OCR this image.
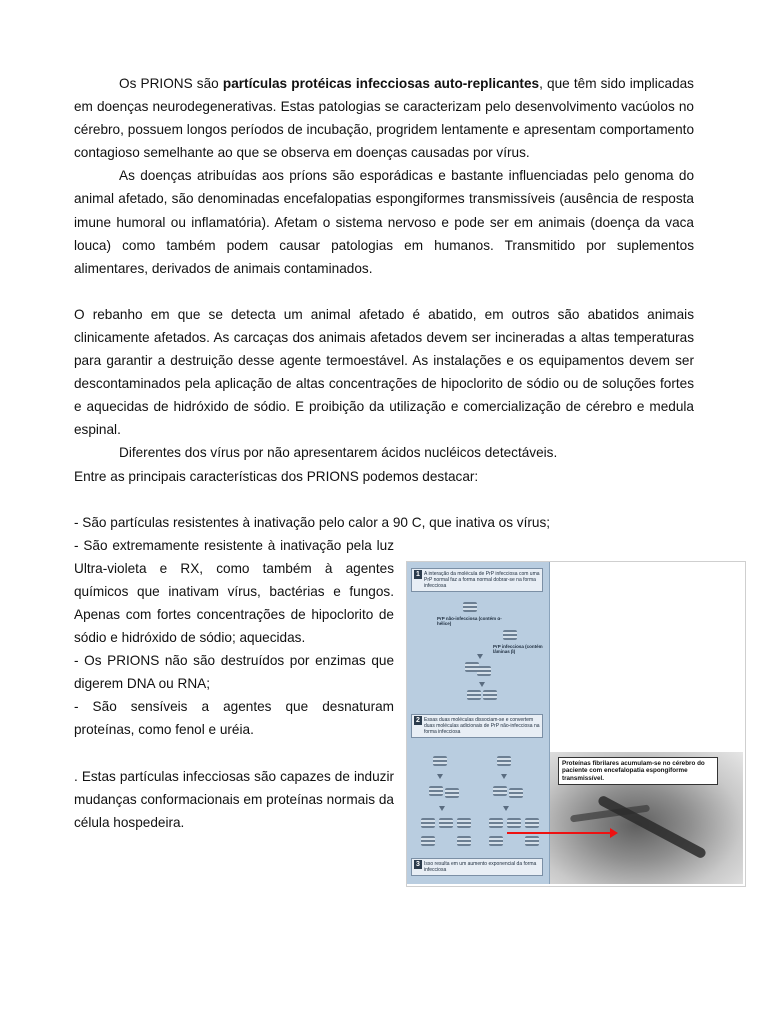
Os PRIONS são partículas protéicas infecciosas auto-replicantes, que têm sido implicadas em doenças neurodegenerativas. Estas patologias se caracterizam pelo desenvolvimento vacúolos no cérebro, possuem longos períodos de incubação, progridem lentamente e apresentam comportamento contagioso semelhante ao que se observa em doenças causadas por vírus.

As doenças atribuídas aos príons são esporádicas e bastante influenciadas pelo genoma do animal afetado, são denominadas encefalopatias espongiformes transmissíveis (ausência de resposta imune humoral ou inflamatória). Afetam o sistema nervoso e pode ser em animais (doença da vaca louca) como também podem causar patologias em humanos. Transmitido por suplementos alimentares, derivados de animais contaminados.

O rebanho em que se detecta um animal afetado é abatido, em outros são abatidos animais clinicamente afetados. As carcaças dos animais afetados devem ser incineradas a altas temperaturas para garantir a destruição desse agente termoestável. As instalações e os equipamentos devem ser descontaminados pela aplicação de altas concentrações de hipoclorito de sódio ou de soluções fortes e aquecidas de hidróxido de sódio. E proibição da utilização e comercialização de cérebro e medula espinal.

Diferentes dos vírus por não apresentarem ácidos nucléicos detectáveis.

Entre as principais características dos PRIONS podemos destacar:

- São partículas resistentes à inativação pelo calor a 90 C, que inativa os vírus;

- São extremamente resistente à inativação pela luz Ultra-violeta e RX, como também à agentes químicos que inativam vírus, bactérias e fungos. Apenas com fortes concentrações de hipoclorito de sódio e hidróxido de sódio; aquecidas.

- Os PRIONS não são destruídos por enzimas que digerem DNA ou RNA;

- São sensíveis a agentes que desnaturam proteínas, como fenol e uréia.

. Estas partículas infecciosas são capazes de induzir mudanças conformacionais em proteínas normais da célula hospedeira.

1 A interação da molécula de PrP infecciosa com uma PrP normal faz a forma normal dobrar-se na forma infecciosa
PrP não-infecciosa (contém α-hélice)
PrP infecciosa (contém lâminas β)
2 Essas duas moléculas dissociam-se e convertem duas moléculas adicionais de PrP não-infecciosa na forma infecciosa
3 Isso resulta em um aumento exponencial da forma infecciosa
Proteínas fibrilares acumulam-se no cérebro do paciente com encefalopatia espongiforme transmissível.
